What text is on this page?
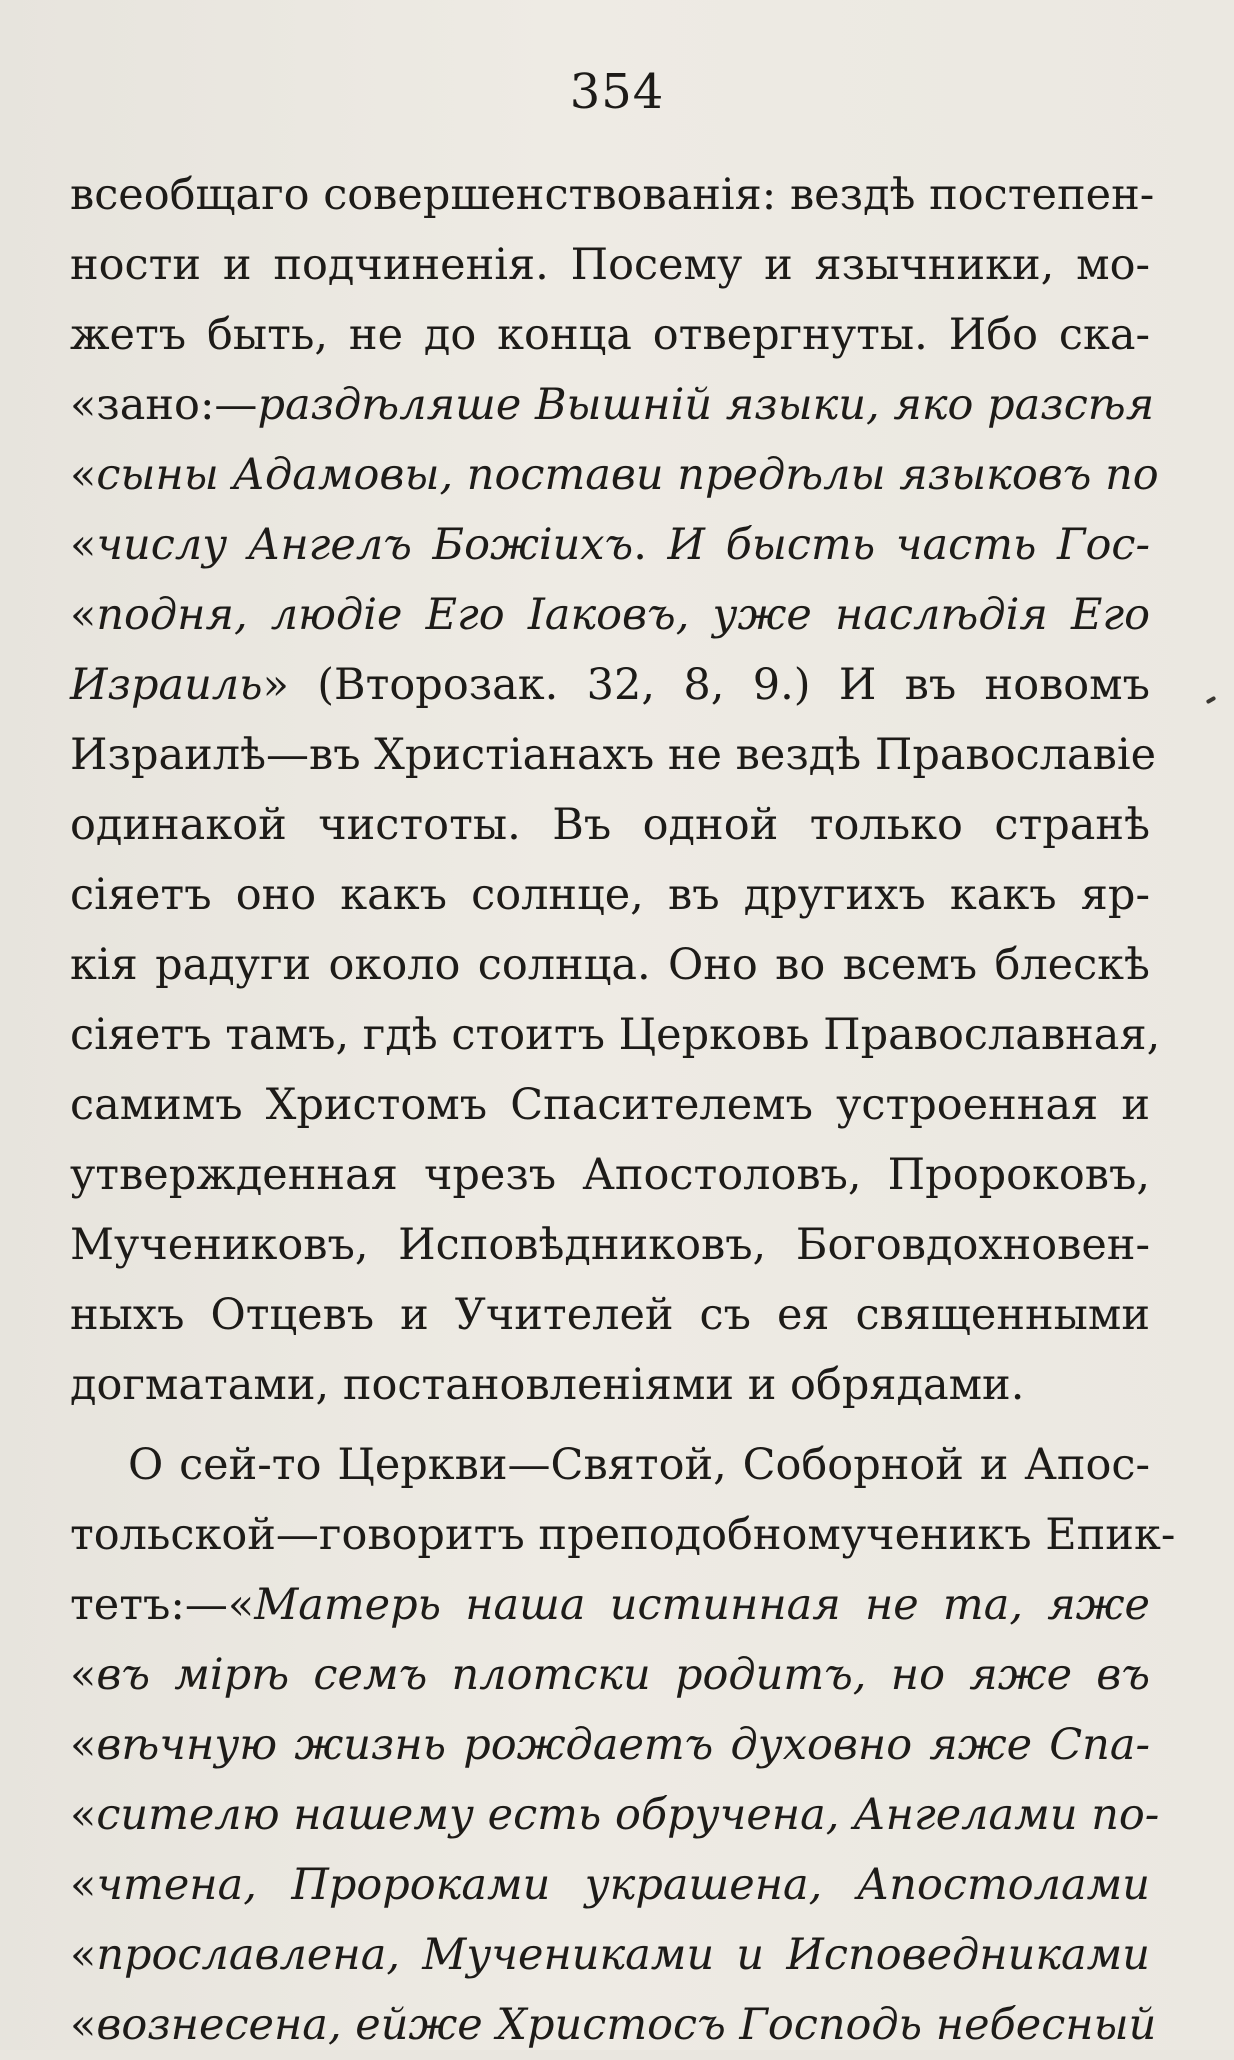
354
всеобщаго совершенствованія: вездѣ постепен-
ности и подчиненія. Посему и язычники, мо-
жетъ быть, не до конца отвергнуты. Ибо ска-
«зано:—раздѣляше Вышній языки, яко разсѣя
«сыны Адамовы, постави предѣлы языковъ по
«числу Ангелъ Божіихъ. И бысть часть Гос-
«подня, людіе Его Іаковъ, уже наслѣдія Его
Израиль» (Второзак. 32, 8, 9.) И въ новомъ
Израилѣ—въ Христіанахъ не вездѣ Православіе
одинакой чистоты. Въ одной только странѣ
сіяетъ оно какъ солнце, въ другихъ какъ яр-
кія радуги около солнца. Оно во всемъ блескѣ
сіяетъ тамъ, гдѣ стоитъ Церковь Православная,
самимъ Христомъ Спасителемъ устроенная и
утвержденная чрезъ Апостоловъ, Пророковъ,
Мучениковъ, Исповѣдниковъ, Боговдохновен-
ныхъ Отцевъ и Учителей съ ея священными
догматами, постановленіями и обрядами.
О сей-то Церкви—Святой, Соборной и Апос-
тольской—говоритъ преподобномученикъ Епик-
тетъ:—«Матерь наша истинная не та, яже
«въ мірѣ семъ плотски родитъ, но яже въ
«вѣчную жизнь рождаетъ духовно яже Спа-
«сителю нашему есть обручена, Ангелами по-
«чтена, Пророками украшена, Апостолами
«прославлена, Мучениками и Исповедниками
«вознесена, ейже Христосъ Господь небесный
